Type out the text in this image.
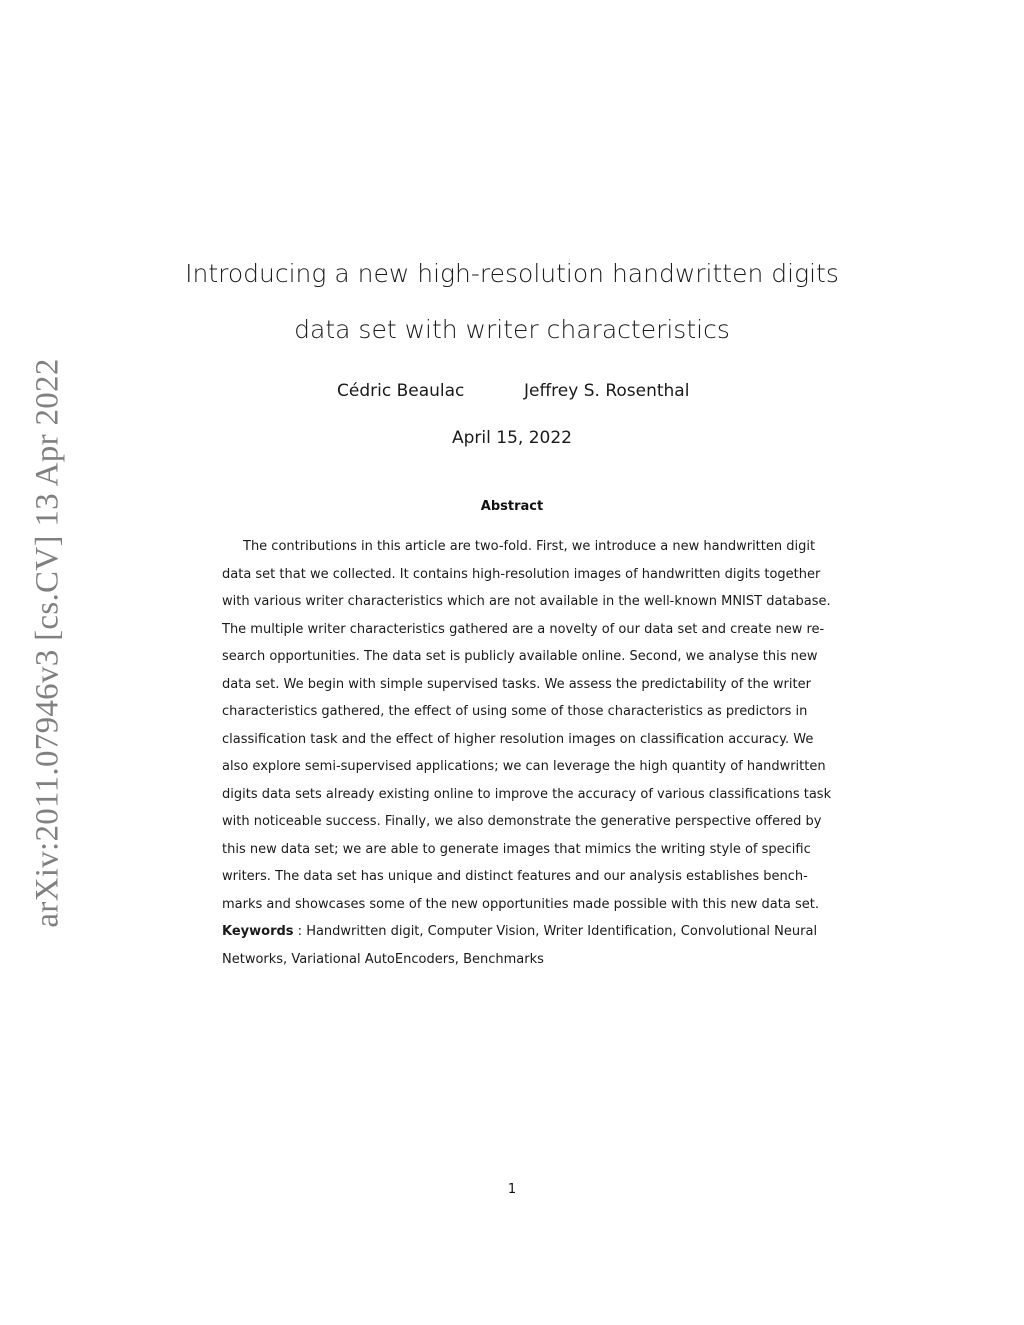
arXiv:2011.07946v3 [cs.CV] 13 Apr 2022
Introducing a new high-resolution handwritten digits
data set with writer characteristics
Cédric Beaulac	Jeffrey S. Rosenthal
April 15, 2022
Abstract
The contributions in this article are two-fold. First, we introduce a new handwritten digit
data set that we collected. It contains high-resolution images of handwritten digits together
with various writer characteristics which are not available in the well-known MNIST database.
The multiple writer characteristics gathered are a novelty of our data set and create new re-
search opportunities. The data set is publicly available online. Second, we analyse this new
data set. We begin with simple supervised tasks. We assess the predictability of the writer
characteristics gathered, the effect of using some of those characteristics as predictors in
classification task and the effect of higher resolution images on classification accuracy. We
also explore semi-supervised applications; we can leverage the high quantity of handwritten
digits data sets already existing online to improve the accuracy of various classifications task
with noticeable success. Finally, we also demonstrate the generative perspective offered by
this new data set; we are able to generate images that mimics the writing style of specific
writers. The data set has unique and distinct features and our analysis establishes bench-
marks and showcases some of the new opportunities made possible with this new data set.
Keywords : Handwritten digit, Computer Vision, Writer Identification, Convolutional Neural
Networks, Variational AutoEncoders, Benchmarks
1
